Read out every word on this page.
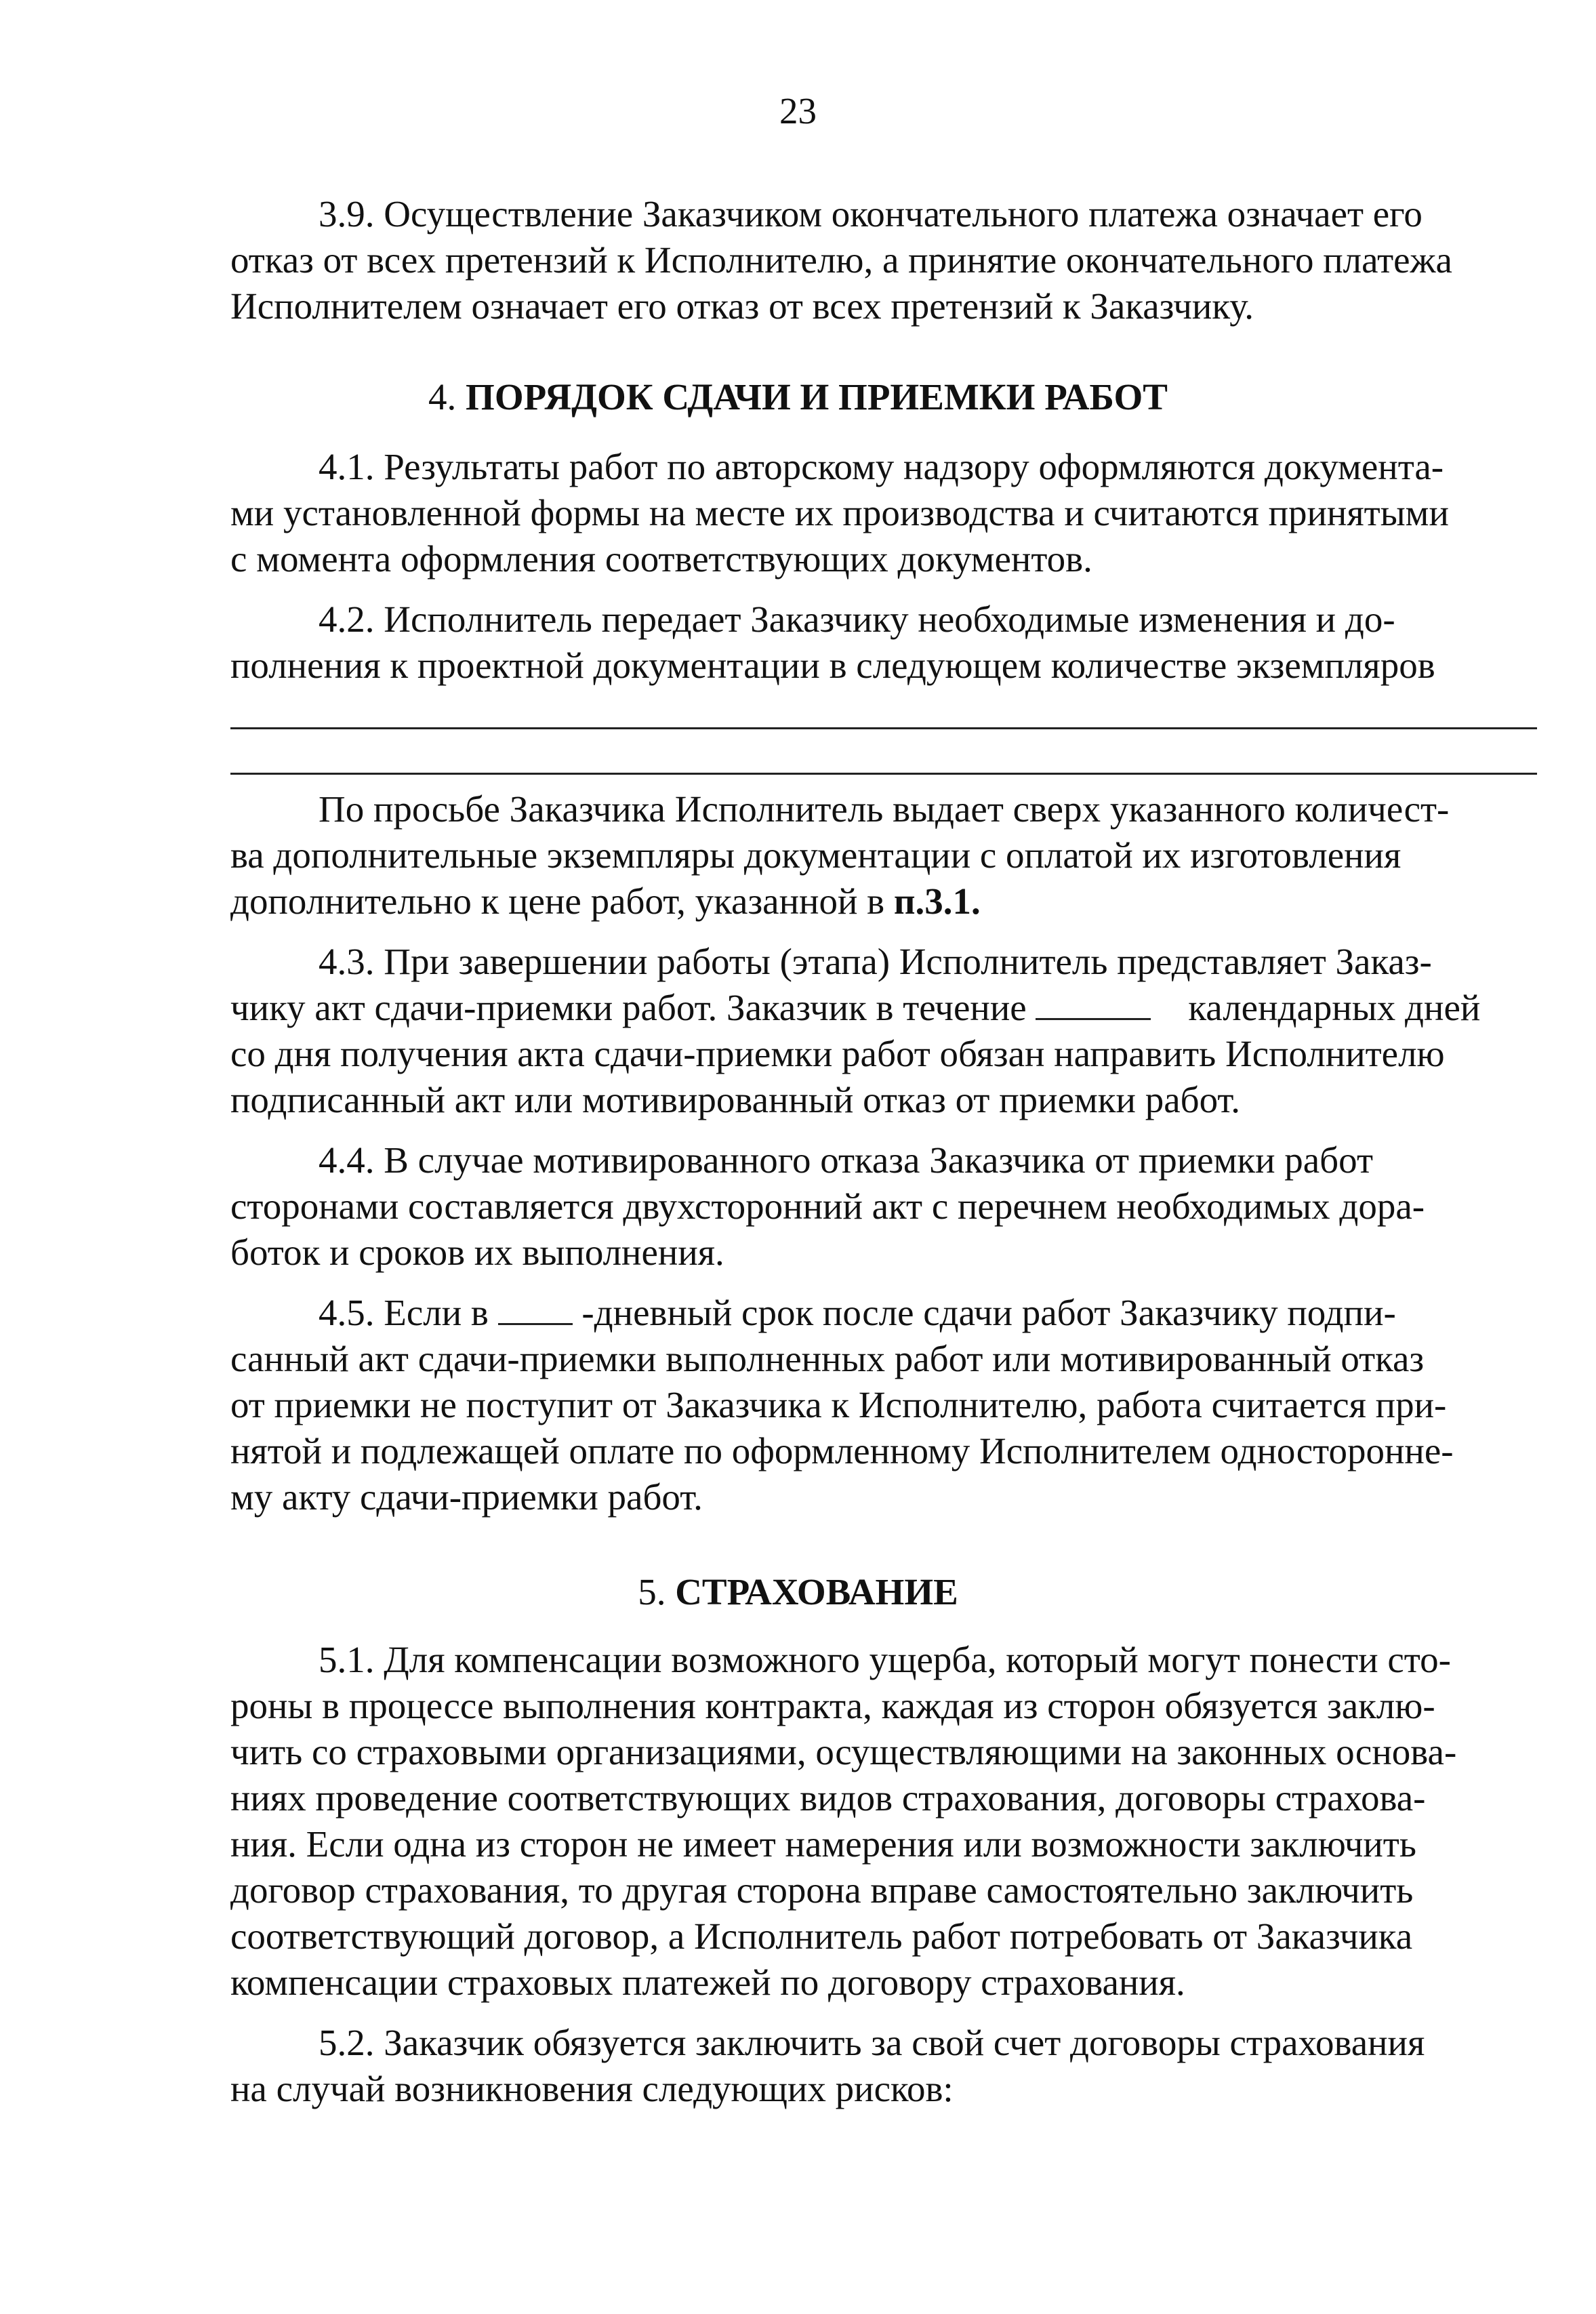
23
3.9. Осуществление Заказчиком окончательного платежа означает его
отказ от всех претензий к Исполнителю, а принятие окончательного платежа
Исполнителем означает его отказ от всех претензий к Заказчику.
4. ПОРЯДОК СДАЧИ И ПРИЕМКИ РАБОТ
4.1. Результаты работ по авторскому надзору оформляются документа-
ми установленной формы на месте их производства и считаются принятыми
с момента оформления соответствующих документов.
4.2. Исполнитель передает Заказчику необходимые изменения и до-
полнения к проектной документации в следующем количестве экземпляров
По просьбе Заказчика Исполнитель выдает сверх указанного количест-
ва дополнительные экземпляры документации с оплатой их изготовления
дополнительно к цене работ, указанной в п.3.1.
4.3. При завершении работы (этапа) Исполнитель представляет Заказ-
чику акт сдачи-приемки работ. Заказчик в течение	календарных дней
со дня получения акта сдачи-приемки работ обязан направить Исполнителю
подписанный акт или мотивированный отказ от приемки работ.
4.4. В случае мотивированного отказа Заказчика от приемки работ
сторонами составляется двухсторонний акт с перечнем необходимых дора-
боток и сроков их выполнения.
4.5. Если в	-дневный срок после сдачи работ Заказчику подпи-
санный акт сдачи-приемки выполненных работ или мотивированный отказ
от приемки не поступит от Заказчика к Исполнителю, работа считается при-
нятой и подлежащей оплате по оформленному Исполнителем односторонне-
му акту сдачи-приемки работ.
5. СТРАХОВАНИЕ
5.1. Для компенсации возможного ущерба, который могут понести сто-
роны в процессе выполнения контракта, каждая из сторон обязуется заклю-
чить со страховыми организациями, осуществляющими на законных основа-
ниях проведение соответствующих видов страхования, договоры страхова-
ния. Если одна из сторон не имеет намерения или возможности заключить
договор страхования, то другая сторона вправе самостоятельно заключить
соответствующий договор, а Исполнитель работ потребовать от Заказчика
компенсации страховых платежей по договору страхования.
5.2. Заказчик обязуется заключить за свой счет договоры страхования
на случай возникновения следующих рисков:
